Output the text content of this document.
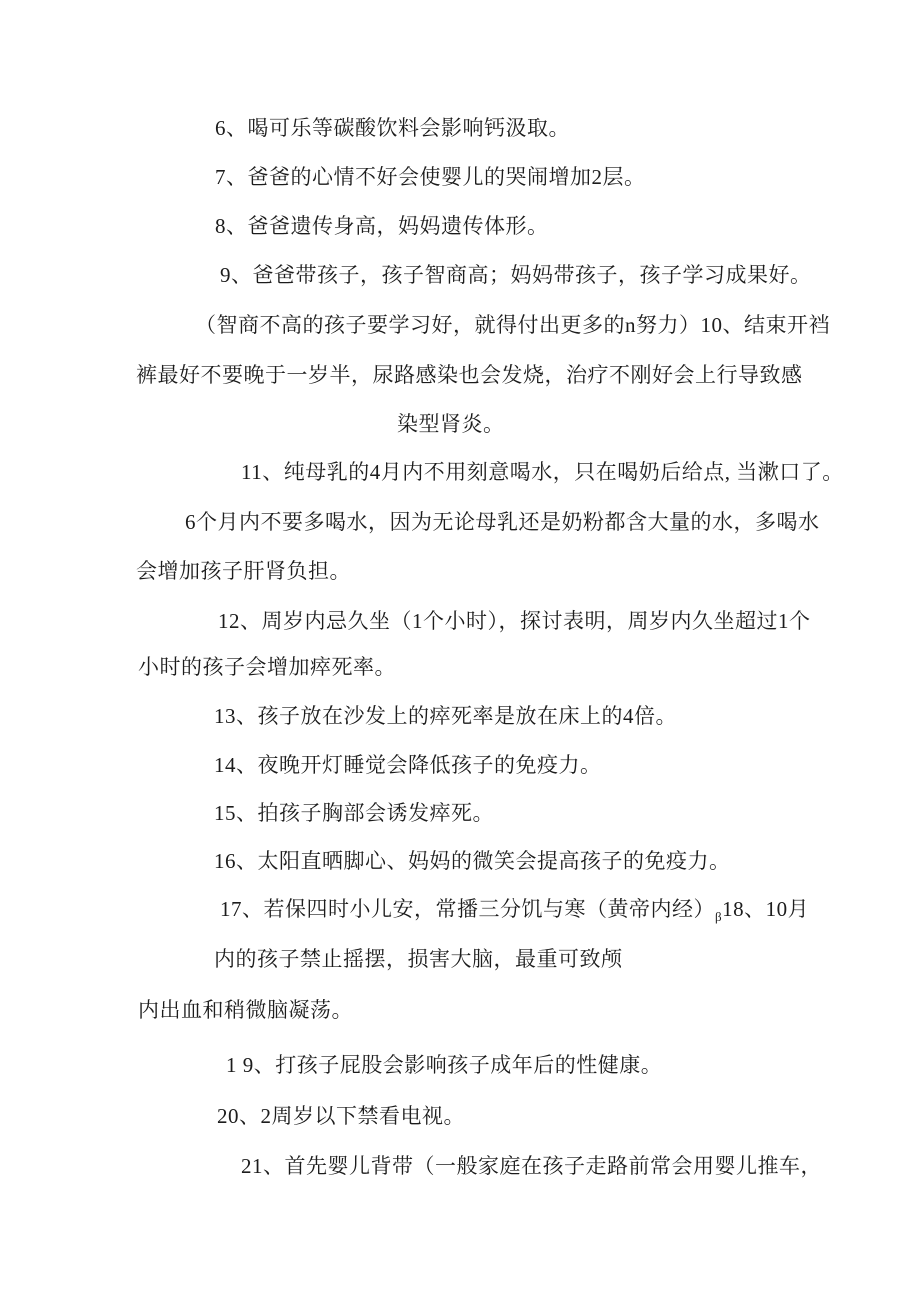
6、喝可乐等碳酸饮料会影响钙汲取。
7、爸爸的心情不好会使婴儿的哭闹增加2层。
8、爸爸遗传身高，妈妈遗传体形。
9、爸爸带孩子，孩子智商高；妈妈带孩子，孩子学习成果好。
（智商不高的孩子要学习好，就得付出更多的n努力）10、结束开裆
裤最好不要晚于一岁半，尿路感染也会发烧，治疗不刚好会上行导致感
染型肾炎。
11、纯母乳的4月内不用刻意喝水，只在喝奶后给点, 当漱口了。
6个月内不要多喝水，因为无论母乳还是奶粉都含大量的水，多喝水
会增加孩子肝肾负担。
12、周岁内忌久坐（1个小时），探讨表明，周岁内久坐超过1个
小时的孩子会增加瘁死率。
13、孩子放在沙发上的瘁死率是放在床上的4倍。
14、夜晚开灯睡觉会降低孩子的免疫力。
15、拍孩子胸部会诱发瘁死。
16、太阳直晒脚心、妈妈的微笑会提高孩子的免疫力。
17、若保四时小儿安，常播三分饥与寒（黄帝内经）$_\beta 18$、10月
内的孩子禁止摇摆，损害大脑，最重可致颅
内出血和稍微脑凝荡。
1 9、打孩子屁股会影响孩子成年后的性健康。
20、2周岁以下禁看电视。
21、首先婴儿背带（一般家庭在孩子走路前常会用婴儿推车，
